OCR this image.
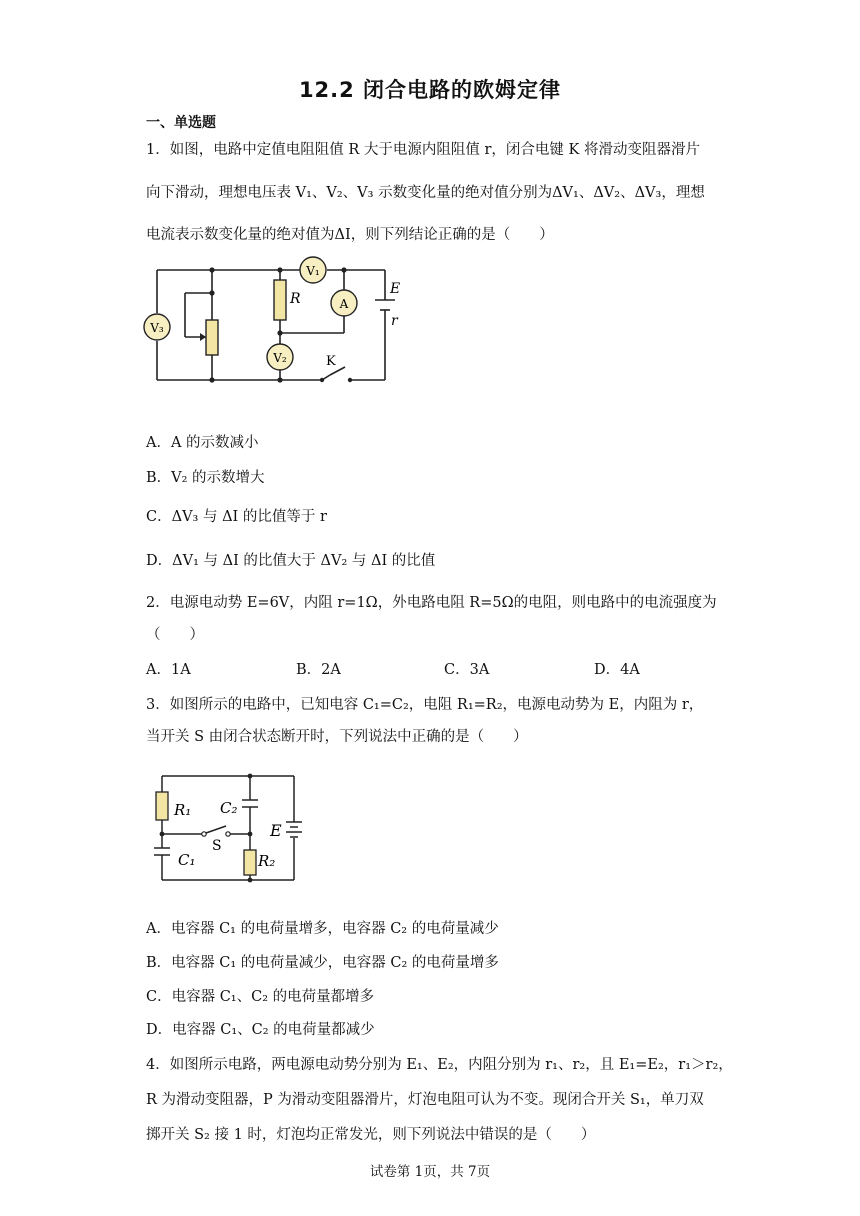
12.2 闭合电路的欧姆定律
一、单选题
1．如图，电路中定值电阻阻值 R 大于电源内阻阻值 r，闭合电键 K 将滑动变阻器滑片
向下滑动，理想电压表 V₁、V₂、V₃ 示数变化量的绝对值分别为ΔV₁、ΔV₂、ΔV₃，理想
电流表示数变化量的绝对值为ΔI，则下列结论正确的是（　　）
V₃
V₁
V₂
A
R
E
r
K
A．A 的示数减小
B．V₂ 的示数增大
C．ΔV₃ 与 ΔI 的比值等于 r
D．ΔV₁ 与 ΔI 的比值大于 ΔV₂ 与 ΔI 的比值
2．电源电动势 E=6V，内阻 r=1Ω，外电路电阻 R=5Ω的电阻，则电路中的电流强度为
（　　）
A．1A	B．2A	C．3A	D．4A
3．如图所示的电路中，已知电容 C₁=C₂，电阻 R₁=R₂，电源电动势为 E，内阻为 r，
当开关 S 由闭合状态断开时，下列说法中正确的是（　　）
R₁ C₂
S
C₁	R₂
E
A．电容器 C₁ 的电荷量增多，电容器 C₂ 的电荷量减少
B．电容器 C₁ 的电荷量减少，电容器 C₂ 的电荷量增多
C．电容器 C₁、C₂ 的电荷量都增多
D．电容器 C₁、C₂ 的电荷量都减少
4．如图所示电路，两电源电动势分别为 E₁、E₂，内阻分别为 r₁、r₂，且 E₁=E₂，r₁＞r₂，
R 为滑动变阻器，P 为滑动变阻器滑片，灯泡电阻可认为不变。现闭合开关 S₁，单刀双
掷开关 S₂ 接 1 时，灯泡均正常发光，则下列说法中错误的是（　　）
试卷第 1页，共 7页
